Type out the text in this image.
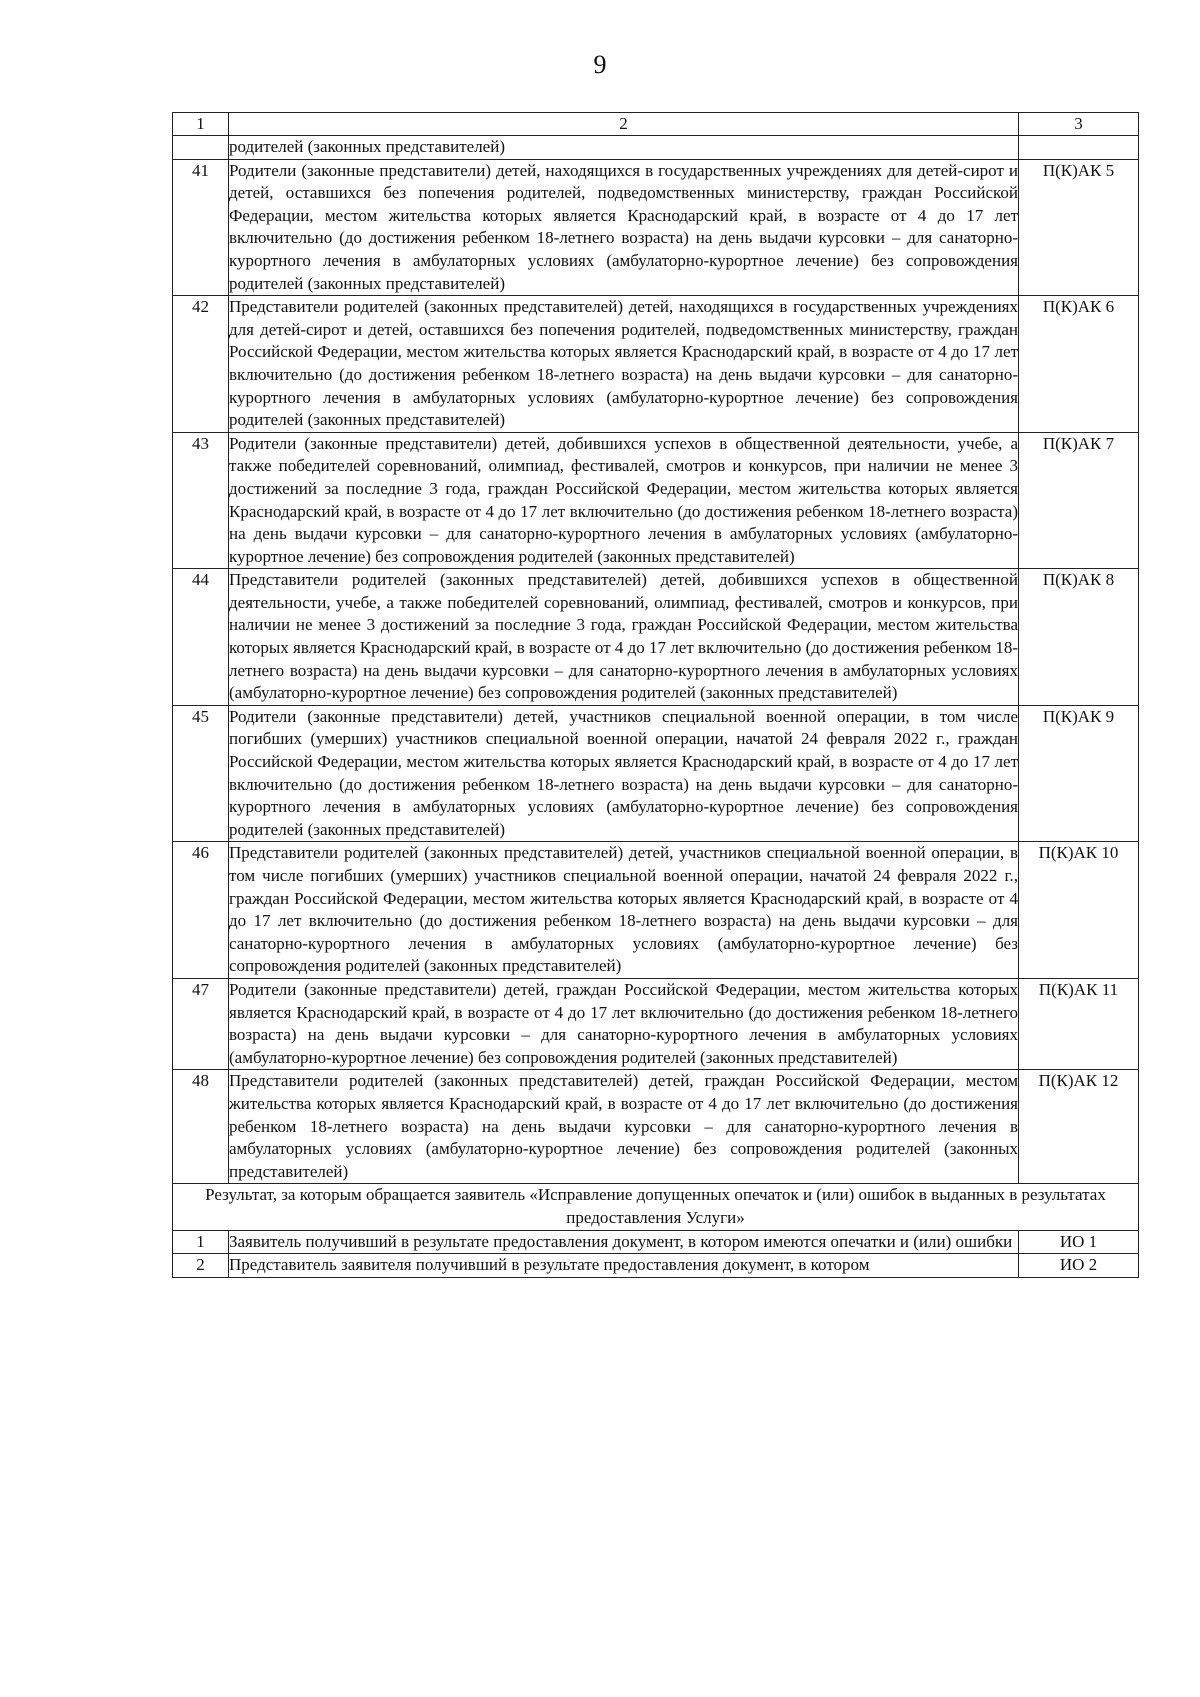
9
1	2	3
	родителей (законных представителей)	
41	Родители (законные представители) детей, находящихся в государственных учреждениях для детей-сирот и детей, оставшихся без попечения родителей, подведомственных министерству, граждан Российской Федерации, местом жительства которых является Краснодарский край, в возрасте от 4 до 17 лет включительно (до достижения ребенком 18-летнего возраста) на день выдачи курсовки – для санаторно-курортного лечения в амбулаторных условиях (амбулаторно-курортное лечение) без сопровождения родителей (законных представителей)	П(К)АК 5
42	Представители родителей (законных представителей) детей, находящихся в государственных учреждениях для детей-сирот и детей, оставшихся без попечения родителей, подведомственных министерству, граждан Российской Федерации, местом жительства которых является Краснодарский край, в возрасте от 4 до 17 лет включительно (до достижения ребенком 18-летнего возраста) на день выдачи курсовки – для санаторно-курортного лечения в амбулаторных условиях (амбулаторно-курортное лечение) без сопровождения родителей (законных представителей)	П(К)АК 6
43	Родители (законные представители) детей, добившихся успехов в общественной деятельности, учебе, а также победителей соревнований, олимпиад, фестивалей, смотров и конкурсов, при наличии не менее 3 достижений за последние 3 года, граждан Российской Федерации, местом жительства которых является Краснодарский край, в возрасте от 4 до 17 лет включительно (до достижения ребенком 18-летнего возраста) на день выдачи курсовки – для санаторно-курортного лечения в амбулаторных условиях (амбулаторно-курортное лечение) без сопровождения родителей (законных представителей)	П(К)АК 7
44	Представители родителей (законных представителей) детей, добившихся успехов в общественной деятельности, учебе, а также победителей соревнований, олимпиад, фестивалей, смотров и конкурсов, при наличии не менее 3 достижений за последние 3 года, граждан Российской Федерации, местом жительства которых является Краснодарский край, в возрасте от 4 до 17 лет включительно (до достижения ребенком 18-летнего возраста) на день выдачи курсовки – для санаторно-курортного лечения в амбулаторных условиях (амбулаторно-курортное лечение) без сопровождения родителей (законных представителей)	П(К)АК 8
45	Родители (законные представители) детей, участников специальной военной операции, в том числе погибших (умерших) участников специальной военной операции, начатой 24 февраля 2022 г., граждан Российской Федерации, местом жительства которых является Краснодарский край, в возрасте от 4 до 17 лет включительно (до достижения ребенком 18-летнего возраста) на день выдачи курсовки – для санаторно-курортного лечения в амбулаторных условиях (амбулаторно-курортное лечение) без сопровождения родителей (законных представителей)	П(К)АК 9
46	Представители родителей (законных представителей) детей, участников специальной военной операции, в том числе погибших (умерших) участников специальной военной операции, начатой 24 февраля 2022 г., граждан Российской Федерации, местом жительства которых является Краснодарский край, в возрасте от 4 до 17 лет включительно (до достижения ребенком 18-летнего возраста) на день выдачи курсовки – для санаторно-курортного лечения в амбулаторных условиях (амбулаторно-курортное лечение) без сопровождения родителей (законных представителей)	П(К)АК 10
47	Родители (законные представители) детей, граждан Российской Федерации, местом жительства которых является Краснодарский край, в возрасте от 4 до 17 лет включительно (до достижения ребенком 18-летнего возраста) на день выдачи курсовки – для санаторно-курортного лечения в амбулаторных условиях (амбулаторно-курортное лечение) без сопровождения родителей (законных представителей)	П(К)АК 11
48	Представители родителей (законных представителей) детей, граждан Российской Федерации, местом жительства которых является Краснодарский край, в возрасте от 4 до 17 лет включительно (до достижения ребенком 18-летнего возраста) на день выдачи курсовки – для санаторно-курортного лечения в амбулаторных условиях (амбулаторно-курортное лечение) без сопровождения родителей (законных представителей)	П(К)АК 12
Результат, за которым обращается заявитель «Исправление допущенных опечаток и (или) ошибок в выданных в результатах предоставления Услуги»		
1	Заявитель получивший в результате предоставления документ, в котором имеются опечатки и (или) ошибки	ИО 1
2	Представитель заявителя получивший в результате предоставления документ, в котором	ИО 2
